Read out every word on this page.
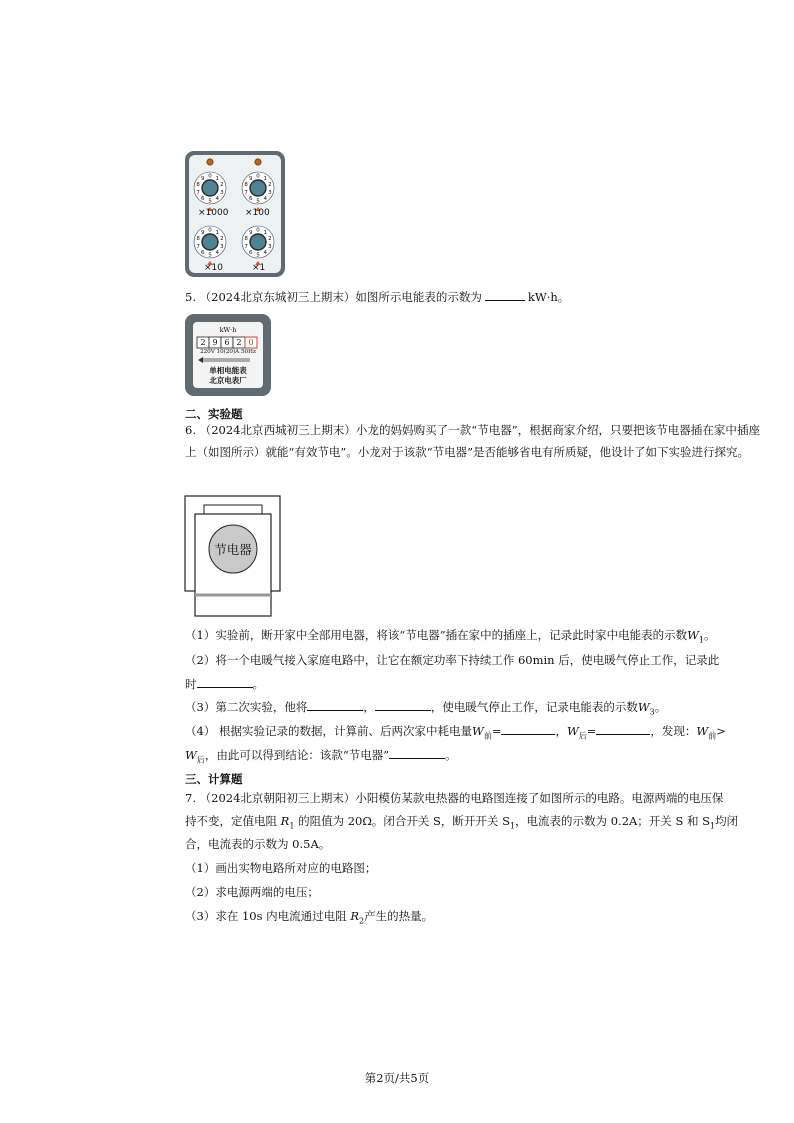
0 1
2
3
4
5
6
7
8
9	0 1
2
3
4
5
6
7
8
9
0 1
2
3
4
5
6
7
8
9	0 1
2
3
4
5
6
7
8
9
×1000 ×100
×10	×1
5. （2024北京东城初三上期末）如图所示电能表的示数为	kW·h。
kW·h
2 9 6 2 0
220V 10(20)A 50Hz
单相电能表
北京电表厂
二、实验题
6. （2024北京西城初三上期末）小龙的妈妈购买了一款“节电器”，根据商家介绍，只要把该节电器插在家中插座上（如图所示）就能“有效节电”。小龙对于该款“节电器”是否能够省电有所质疑，他设计了如下实验进行探究。
节电器
（1）实验前，断开家中全部用电器，将该“节电器”插在家中的插座上，记录此时家中电能表的示数$W_1$。
（2）将一个电暖气接入家庭电路中，让它在额定功率下持续工作 60min 后，使电暖气停止工作，记录此
时	。
（3）第二次实验，他将	，	，使电暖气停止工作，记录电能表的示数$W_3$。
（4） 根据实验记录的数据，计算前、后两次家中耗电量$W_前=$	，$W_后=$	，发现：$W_前>$
$W_后$，由此可以得到结论：该款“节电器”	。
三、计算题
7. （2024北京朝阳初三上期末）小阳模仿某款电热器的电路图连接了如图所示的电路。电源两端的电压保
持不变，定值电阻 $R_1$ 的阻值为 20Ω。闭合开关 S，断开开关 $S_1$，电流表的示数为 0.2A；开关 S 和 $S_1$均闭
合，电流表的示数为 0.5A。
（1）画出实物电路所对应的电路图；
（2）求电源两端的电压；
（3）求在 10s 内电流通过电阻 $R_2$产生的热量。
第2页/共5页
